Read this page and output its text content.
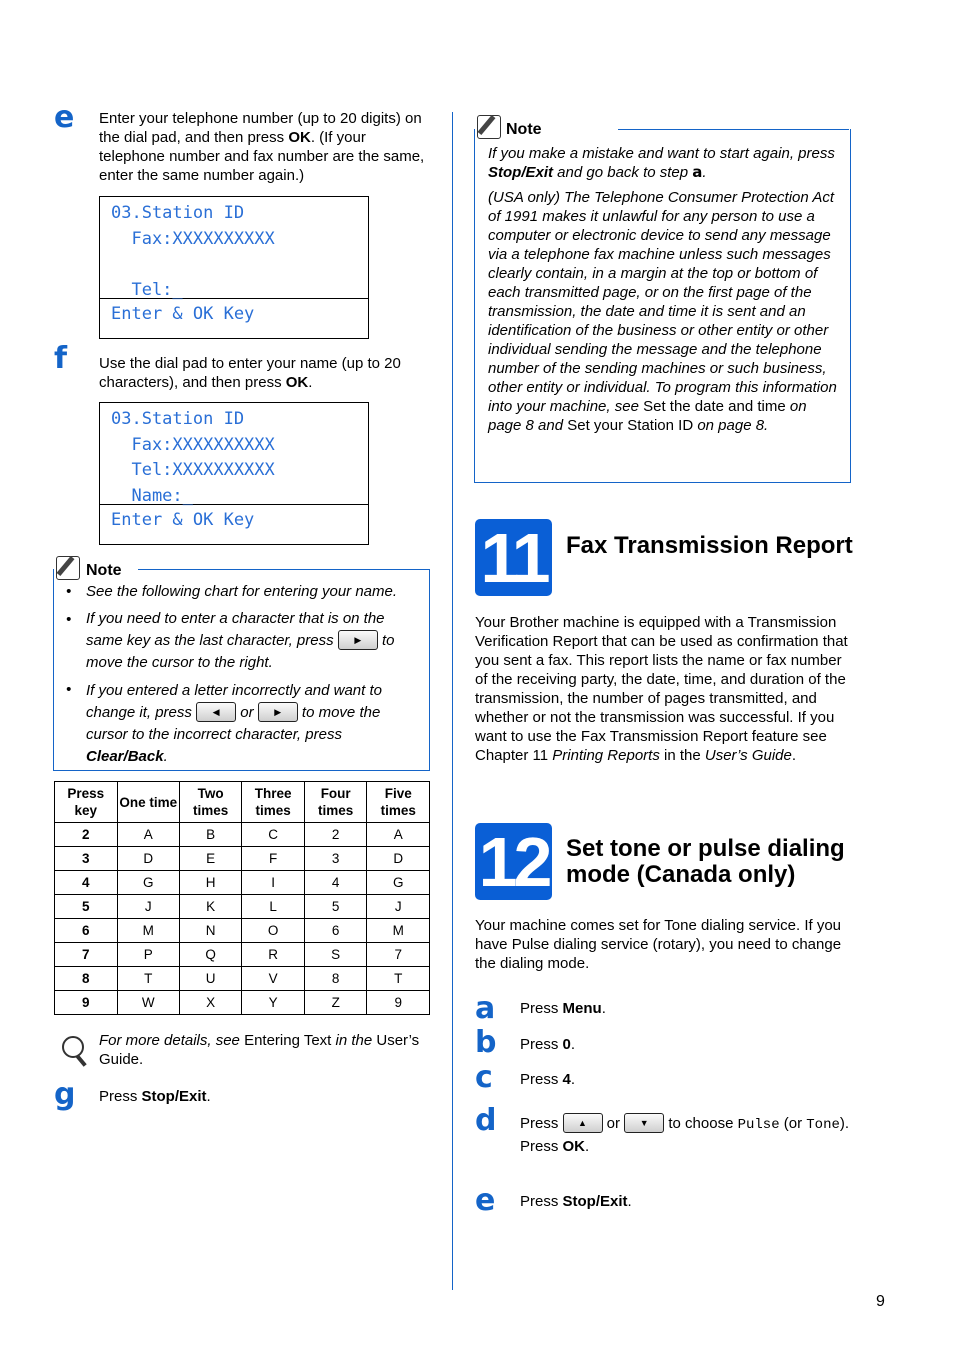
e Enter your telephone number (up to 20 digits) on the dial pad, and then press OK. (If your telephone number and fax number are the same, enter the same number again.)
03.Station ID
Fax:XXXXXXXXXX
Tel:_
Enter & OK Key
f Use the dial pad to enter your name (up to 20 characters), and then press OK.
03.Station ID
Fax:XXXXXXXXXX
Tel:XXXXXXXXXX
Name:_
Enter & OK Key
Note
• See the following chart for entering your name.
• If you need to enter a character that is on the same key as the last character, press ▶ to move the cursor to the right.
• If you entered a letter incorrectly and want to change it, press ◀ or ▶ to move the cursor to the incorrect character, press Clear/Back.
Press key	One time	Two times	Three times	Four times	Five times
2	A	B	C	2	A
3	D	E	F	3	D
4	G	H	I	4	G
5	J	K	L	5	J
6	M	N	O	6	M
7	P	Q	R	S	7
8	T	U	V	8	T
9	W	X	Y	Z	9
For more details, see Entering Text in the User’s Guide.
g Press Stop/Exit.
Note
If you make a mistake and want to start again, press Stop/Exit and go back to step a.
(USA only) The Telephone Consumer Protection Act of 1991 makes it unlawful for any person to use a computer or electronic device to send any message via a telephone fax machine unless such messages clearly contain, in a margin at the top or bottom of each transmitted page, or on the first page of the transmission, the date and time it is sent and an identification of the business or other entity or other individual sending the message and the telephone number of the sending machines or such business, other entity or individual. To program this information into your machine, see Set the date and time on page 8 and Set your Station ID on page 8.
11 Fax Transmission Report
Your Brother machine is equipped with a Transmission Verification Report that can be used as confirmation that you sent a fax. This report lists the name or fax number of the receiving party, the date, time, and duration of the transmission, the number of pages transmitted, and whether or not the transmission was successful. If you want to use the Fax Transmission Report feature see Chapter 11 Printing Reports in the User’s Guide.
12 Set tone or pulse dialing
mode (Canada only)
Your machine comes set for Tone dialing service. If you have Pulse dialing service (rotary), you need to change the dialing mode.
a Press Menu.
b Press 0.
c Press 4.
d Press ▲ or ▼ to choose Pulse (or Tone).
Press OK.
e Press Stop/Exit.
9
